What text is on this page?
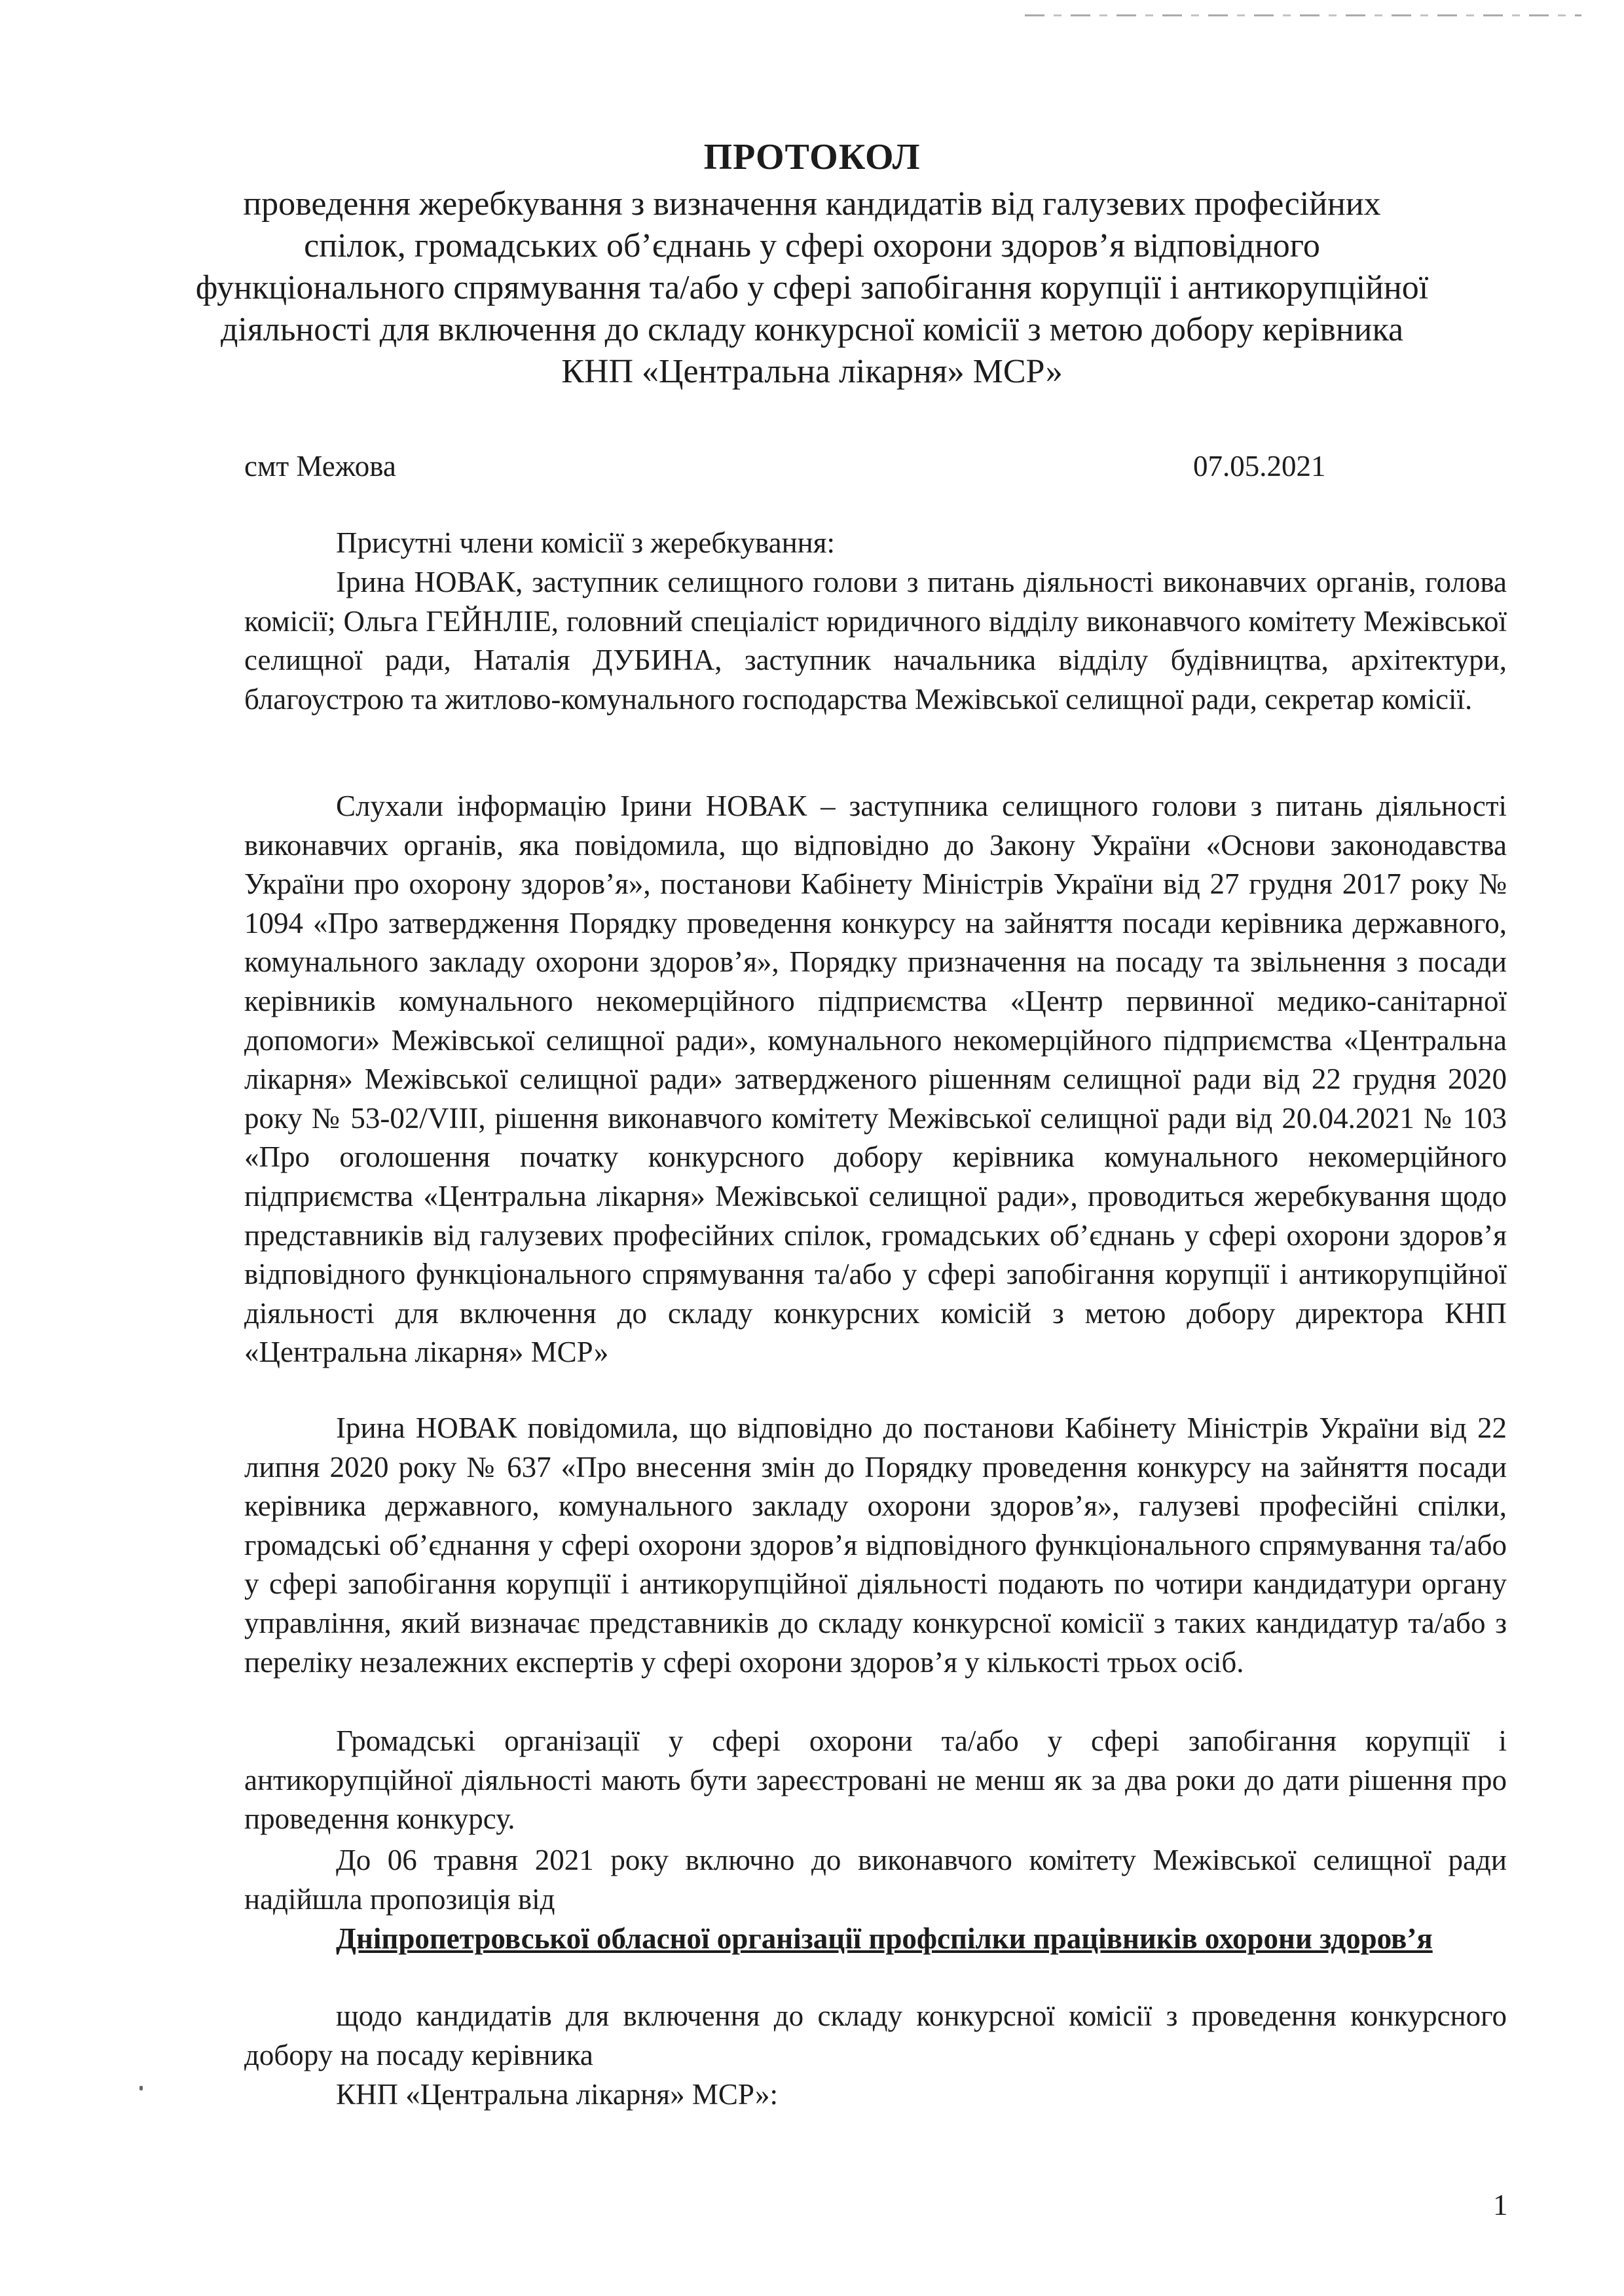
ПРОТОКОЛ
проведення жеребкування з визначення кандидатів від галузевих професійних спілок, громадських об’єднань у сфері охорони здоров’я відповідного функціонального спрямування та/або у сфері запобігання корупції і антикорупційної діяльності для включення до складу конкурсної комісії з метою добору керівника КНП «Центральна лікарня» МСР»
смт Межова	07.05.2021
Присутні члени комісії з жеребкування:
Ірина НОВАК, заступник селищного голови з питань діяльності виконавчих органів, голова комісії; Ольга ГЕЙНЛІЕ, головний спеціаліст юридичного відділу виконавчого комітету Межівської селищної ради, Наталія ДУБИНА, заступник начальника відділу будівництва, архітектури, благоустрою та житлово-комунального господарства Межівської селищної ради, секретар комісії.
Слухали інформацію Ірини НОВАК – заступника селищного голови з питань діяльності виконавчих органів, яка повідомила, що відповідно до Закону України «Основи законодавства України про охорону здоров’я», постанови Кабінету Міністрів України від 27 грудня 2017 року № 1094 «Про затвердження Порядку проведення конкурсу на зайняття посади керівника державного, комунального закладу охорони здоров’я», Порядку призначення на посаду та звільнення з посади керівників комунального некомерційного підприємства «Центр первинної медико-санітарної допомоги» Межівської селищної ради», комунального некомерційного підприємства «Центральна лікарня» Межівської селищної ради» затвердженого рішенням селищної ради від 22 грудня 2020 року № 53-02/VIII, рішення виконавчого комітету Межівської селищної ради від 20.04.2021 № 103 «Про оголошення початку конкурсного добору керівника комунального некомерційного підприємства «Центральна лікарня» Межівської селищної ради», проводиться жеребкування щодо представників від галузевих професійних спілок, громадських об’єднань у сфері охорони здоров’я відповідного функціонального спрямування та/або у сфері запобігання корупції і антикорупційної діяльності для включення до складу конкурсних комісій з метою добору директора КНП «Центральна лікарня» МСР»
Ірина НОВАК повідомила, що відповідно до постанови Кабінету Міністрів України від 22 липня 2020 року № 637 «Про внесення змін до Порядку проведення конкурсу на зайняття посади керівника державного, комунального закладу охорони здоров’я», галузеві професійні спілки, громадські об’єднання у сфері охорони здоров’я відповідного функціонального спрямування та/або у сфері запобігання корупції і антикорупційної діяльності подають по чотири кандидатури органу управління, який визначає представників до складу конкурсної комісії з таких кандидатур та/або з переліку незалежних експертів у сфері охорони здоров’я у кількості трьох осіб.
Громадські організації у сфері охорони та/або у сфері запобігання корупції і антикорупційної діяльності мають бути зареєстровані не менш як за два роки до дати рішення про проведення конкурсу.
До 06 травня 2021 року включно до виконавчого комітету Межівської селищної ради надійшла пропозиція від
Дніпропетровської обласної організації профспілки працівників охорони здоров’я
щодо кандидатів для включення до складу конкурсної комісії з проведення конкурсного добору на посаду керівника
КНП «Центральна лікарня» МСР»:
1
